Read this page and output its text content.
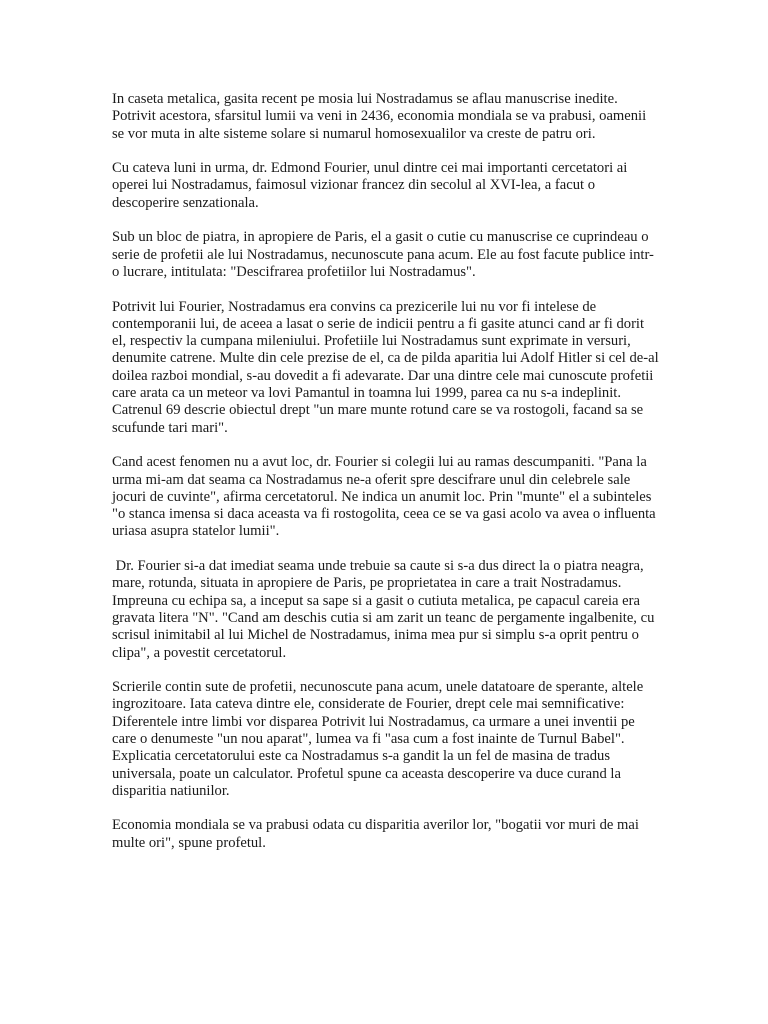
In caseta metalica, gasita recent pe mosia lui Nostradamus se aflau manuscrise inedite. Potrivit acestora, sfarsitul lumii va veni in 2436, economia mondiala se va prabusi, oamenii se vor muta in alte sisteme solare si numarul homosexualilor va creste de patru ori.

Cu cateva luni in urma, dr. Edmond Fourier, unul dintre cei mai importanti cercetatori ai operei lui Nostradamus, faimosul vizionar francez din secolul al XVI-lea, a facut o descoperire senzationala.

Sub un bloc de piatra, in apropiere de Paris, el a gasit o cutie cu manuscrise ce cuprindeau o serie de profetii ale lui Nostradamus, necunoscute pana acum. Ele au fost facute publice intr-o lucrare, intitulata: "Descifrarea profetiilor lui Nostradamus".

Potrivit lui Fourier, Nostradamus era convins ca prezicerile lui nu vor fi intelese de contemporanii lui, de aceea a lasat o serie de indicii pentru a fi gasite atunci cand ar fi dorit el, respectiv la cumpana mileniului. Profetiile lui Nostradamus sunt exprimate in versuri, denumite catrene. Multe din cele prezise de el, ca de pilda aparitia lui Adolf Hitler si cel de-al doilea razboi mondial, s-au dovedit a fi adevarate. Dar una dintre cele mai cunoscute profetii care arata ca un meteor va lovi Pamantul in toamna lui 1999, parea ca nu s-a indeplinit. Catrenul 69 descrie obiectul drept "un mare munte rotund care se va rostogoli, facand sa se scufunde tari mari".

Cand acest fenomen nu a avut loc, dr. Fourier si colegii lui au ramas descumpaniti. "Pana la urma mi-am dat seama ca Nostradamus ne-a oferit spre descifrare unul din celebrele sale jocuri de cuvinte", afirma cercetatorul. Ne indica un anumit loc. Prin "munte" el a subinteles "o stanca imensa si daca aceasta va fi rostogolita, ceea ce se va gasi acolo va avea o influenta uriasa asupra statelor lumii".

Dr. Fourier si-a dat imediat seama unde trebuie sa caute si s-a dus direct la o piatra neagra, mare, rotunda, situata in apropiere de Paris, pe proprietatea in care a trait Nostradamus. Impreuna cu echipa sa, a inceput sa sape si a gasit o cutiuta metalica, pe capacul careia era gravata litera "N". "Cand am deschis cutia si am zarit un teanc de pergamente ingalbenite, cu scrisul inimitabil al lui Michel de Nostradamus, inima mea pur si simplu s-a oprit pentru o clipa", a povestit cercetatorul.

Scrierile contin sute de profetii, necunoscute pana acum, unele datatoare de sperante, altele ingrozitoare. Iata cateva dintre ele, considerate de Fourier, drept cele mai semnificative: Diferentele intre limbi vor disparea Potrivit lui Nostradamus, ca urmare a unei inventii pe care o denumeste "un nou aparat", lumea va fi "asa cum a fost inainte de Turnul Babel". Explicatia cercetatorului este ca Nostradamus s-a gandit la un fel de masina de tradus universala, poate un calculator. Profetul spune ca aceasta descoperire va duce curand la disparitia natiunilor.

Economia mondiala se va prabusi odata cu disparitia averilor lor, "bogatii vor muri de mai multe ori", spune profetul.
